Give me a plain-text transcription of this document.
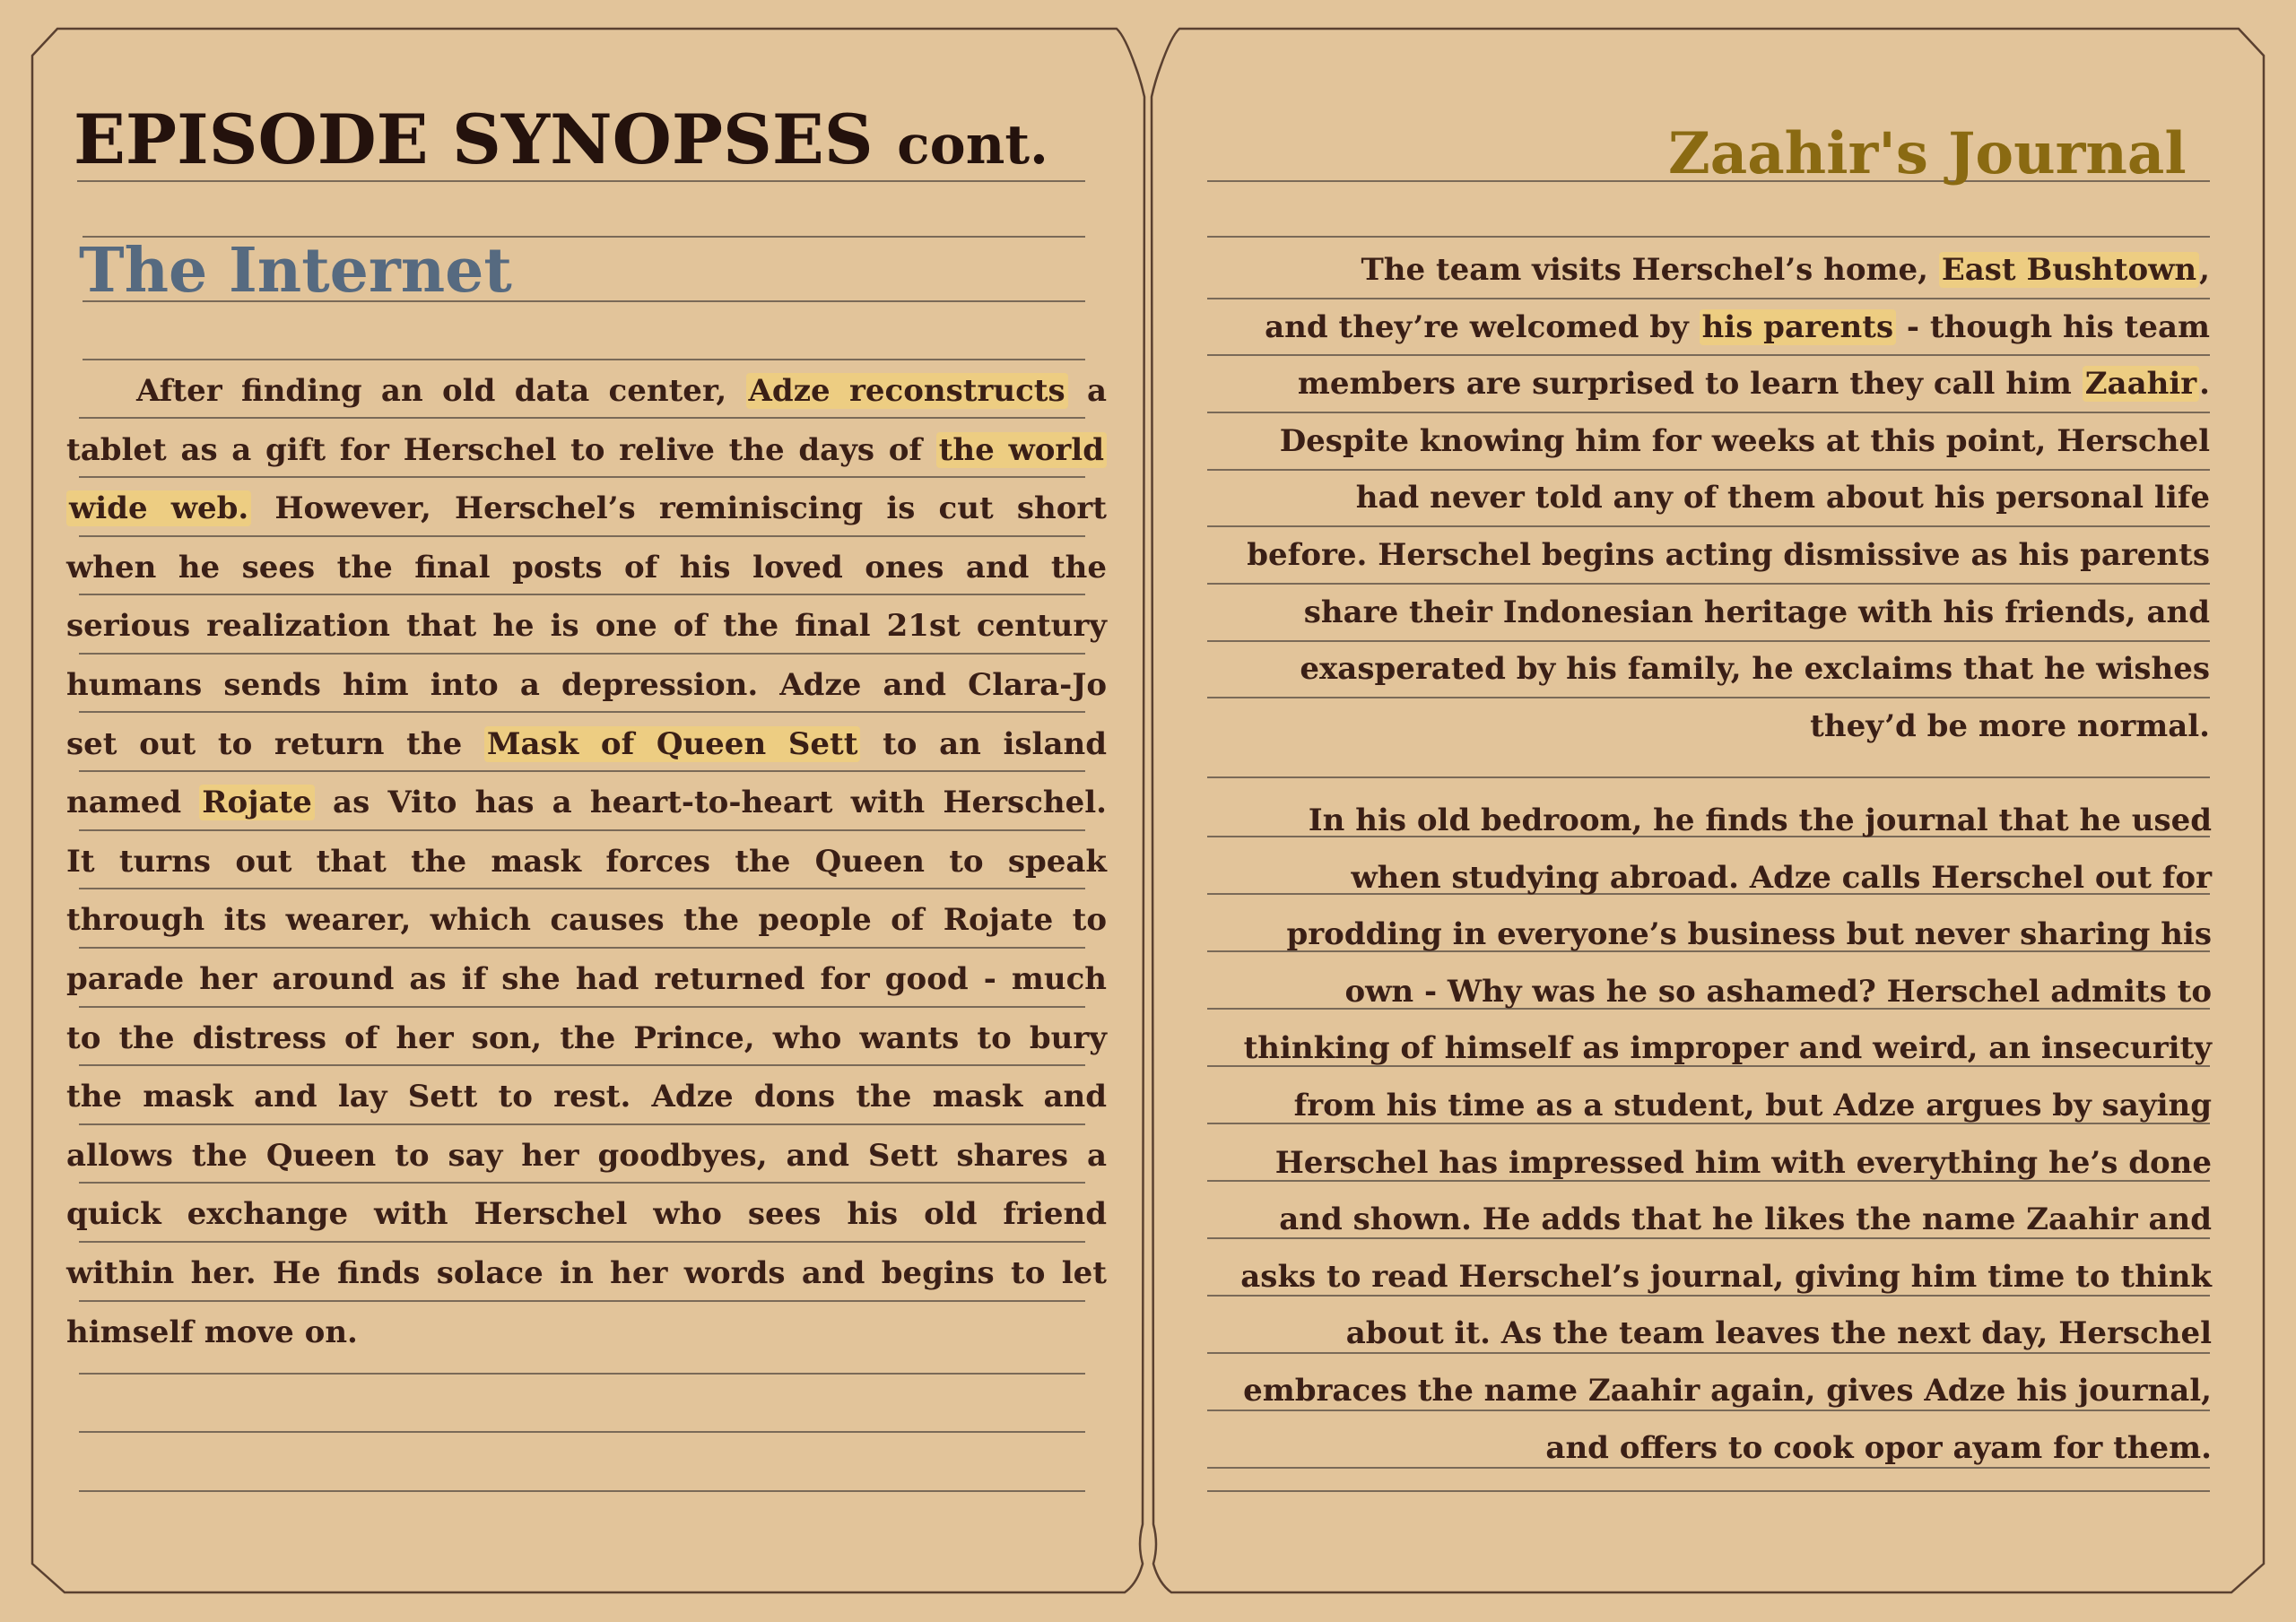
EPISODE SYNOPSES cont.
The Internet
After finding an old data center, Adze reconstructs a
tablet as a gift for Herschel to relive the days of the world
wide web. However, Herschel’s reminiscing is cut short
when he sees the final posts of his loved ones and the
serious realization that he is one of the final 21st century
humans sends him into a depression. Adze and Clara-Jo
set out to return the Mask of Queen Sett to an island
named Rojate as Vito has a heart-to-heart with Herschel.
It turns out that the mask forces the Queen to speak
through its wearer, which causes the people of Rojate to
parade her around as if she had returned for good - much
to the distress of her son, the Prince, who wants to bury
the mask and lay Sett to rest. Adze dons the mask and
allows the Queen to say her goodbyes, and Sett shares a
quick exchange with Herschel who sees his old friend
within her. He finds solace in her words and begins to let
himself move on.
Zaahir's Journal
The team visits Herschel’s home, East Bushtown,
and they’re welcomed by his parents - though his team
members are surprised to learn they call him Zaahir.
Despite knowing him for weeks at this point, Herschel
had never told any of them about his personal life
before. Herschel begins acting dismissive as his parents
share their Indonesian heritage with his friends, and
exasperated by his family, he exclaims that he wishes
they’d be more normal.
In his old bedroom, he finds the journal that he used
when studying abroad. Adze calls Herschel out for
prodding in everyone’s business but never sharing his
own - Why was he so ashamed? Herschel admits to
thinking of himself as improper and weird, an insecurity
from his time as a student, but Adze argues by saying
Herschel has impressed him with everything he’s done
and shown. He adds that he likes the name Zaahir and
asks to read Herschel’s journal, giving him time to think
about it. As the team leaves the next day, Herschel
embraces the name Zaahir again, gives Adze his journal,
and offers to cook opor ayam for them.
